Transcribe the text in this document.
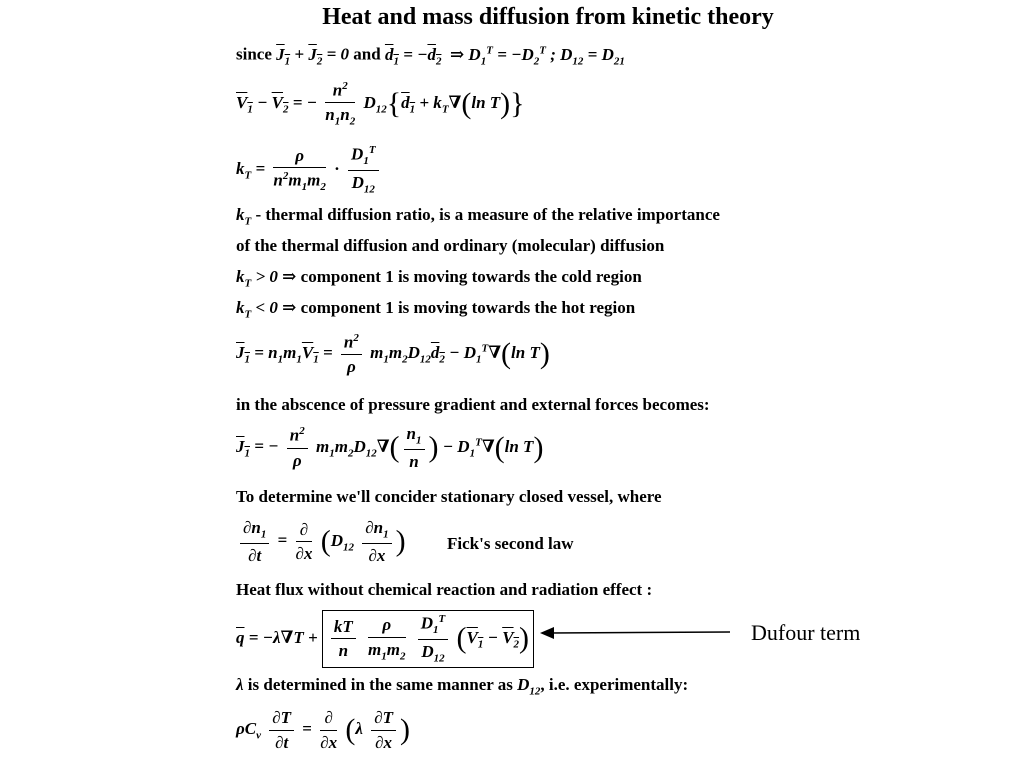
Heat and mass diffusion from kinetic theory
since $J_1 + J_2 = 0$ and $d_1 = -d_2$  ⇒ $D_1^T = -D_2^T$ ; $D_{12} = D_{21}$
$V_1 - V_2$ = − $\frac{n^2}{n_1n_2} D_{12}\{d_1 + k_T\nabla(\ln$ T)}
$k_T = \frac{\rho}{n^2m_1m_2} \cdot \frac{D_1^T}{D_{12}}$
$k_T$ - thermal diffusion ratio, is a measure of the relative importance
of the thermal diffusion and ordinary (molecular) diffusion
$k_T > 0$ ⇒ component 1 is moving towards the cold region
$k_T < 0$ ⇒ component 1 is moving towards the hot region
$J_1 = n_1m_1V_1 = \frac{n^2}{\rho} m_1m_2D_{12}d_2 - D_1^T\nabla(\ln$ T)
in the abscence of pressure gradient and external forces becomes:
$J_1$ = − $\frac{n^2}{\rho} m_1m_2D_{12}\nabla( \frac{n_1}{n}$ ) − $D_1^T\nabla(\ln$ T)
To determine we'll concider stationary closed vessel, where
$\frac{\partial n_1}{\partial t} = \frac{\partial}{\partial x} (D_{12} \frac{\partial n_1}{\partial x}$ ) Fick's second law
Heat flux without chemical reaction and radiation effect :
$\overline{q} = -\lambda\nabla T + \frac{kT}{n}$
$\frac{\rho}{m_1m_2}$
$\frac{D_1^T}{D_{12}} (V_1 - V_2)$	Dufour term
λ is determined in the same manner as $D_{12}$, i.e. experimentally:
$\rho C_v \frac{\partial T}{\partial t} = \frac{\partial}{\partial x} (\lambda \frac{\partial T}{\partial x}$ )
